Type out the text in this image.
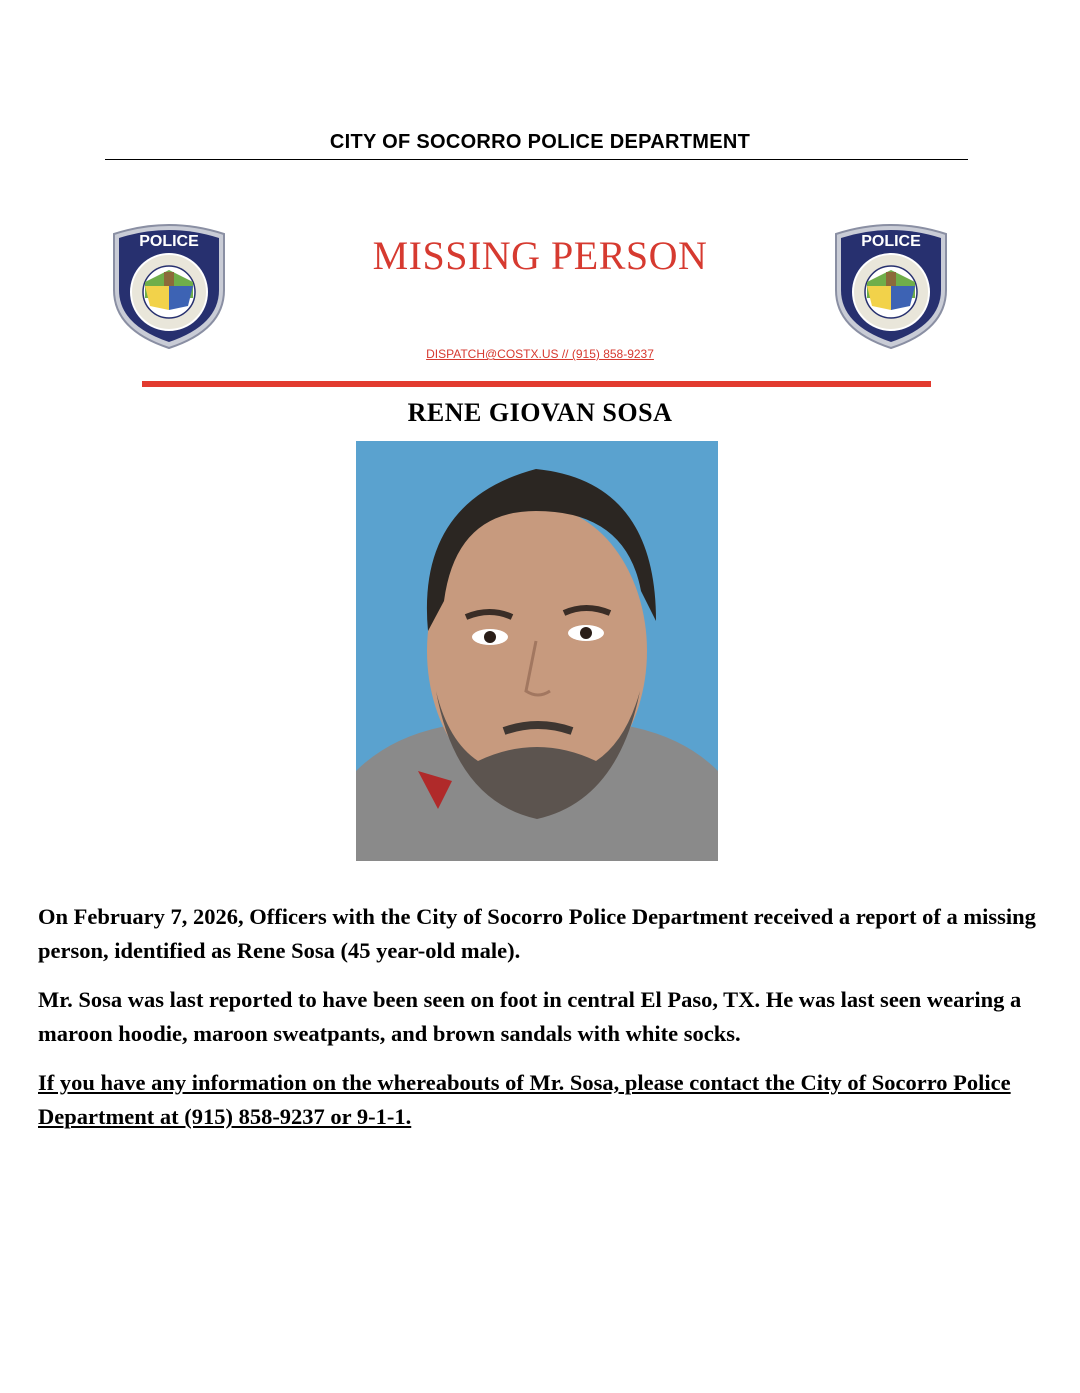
CITY OF SOCORRO POLICE DEPARTMENT
POLICE	MISSING PERSON	POLICE
DISPATCH@COSTX.US // (915) 858-9237
RENE GIOVAN SOSA

On February 7, 2026, Officers with the City of Socorro Police Department received a report of a missing person, identified as Rene Sosa (45 year-old male).

Mr. Sosa was last reported to have been seen on foot in central El Paso, TX. He was last seen wearing a maroon hoodie, maroon sweatpants, and brown sandals with white socks.

If you have any information on the whereabouts of Mr. Sosa, please contact the City of Socorro Police Department at (915) 858-9237 or 9-1-1.
